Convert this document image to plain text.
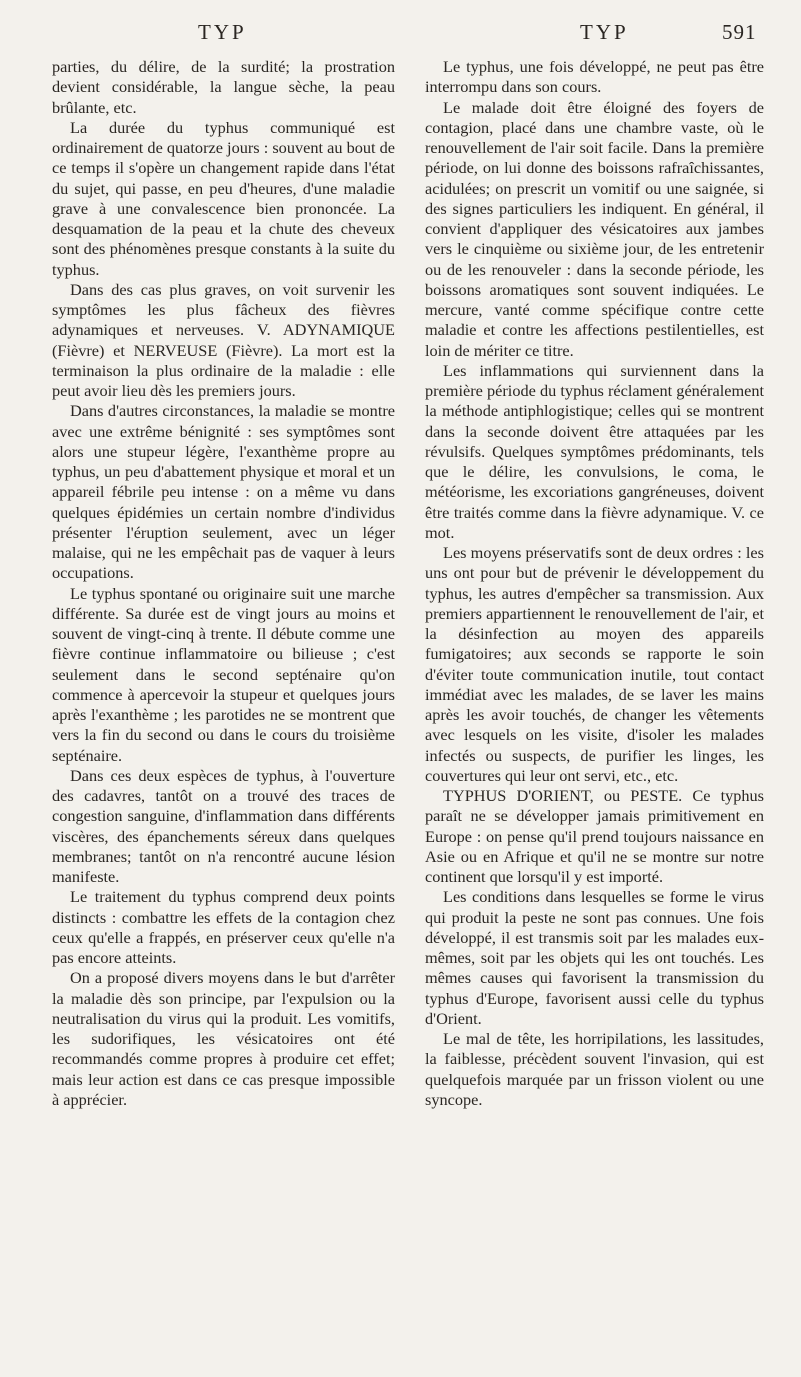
TYP	TYP	591

parties, du délire, de la surdité; la prostration devient considérable, la langue sèche, la peau brûlante, etc.

La durée du typhus communiqué est ordinairement de quatorze jours : souvent au bout de ce temps il s'opère un changement rapide dans l'état du sujet, qui passe, en peu d'heures, d'une maladie grave à une convalescence bien prononcée. La desquamation de la peau et la chute des cheveux sont des phénomènes presque constants à la suite du typhus.

Dans des cas plus graves, on voit survenir les symptômes les plus fâcheux des fièvres adynamiques et nerveuses. V. ADYNAMIQUE (Fièvre) et NERVEUSE (Fièvre). La mort est la terminaison la plus ordinaire de la maladie : elle peut avoir lieu dès les premiers jours.

Dans d'autres circonstances, la maladie se montre avec une extrême bénignité : ses symptômes sont alors une stupeur légère, l'exanthème propre au typhus, un peu d'abattement physique et moral et un appareil fébrile peu intense : on a même vu dans quelques épidémies un certain nombre d'individus présenter l'éruption seulement, avec un léger malaise, qui ne les empêchait pas de vaquer à leurs occupations.

Le typhus spontané ou originaire suit une marche différente. Sa durée est de vingt jours au moins et souvent de vingt-cinq à trente. Il débute comme une fièvre continue inflammatoire ou bilieuse ; c'est seulement dans le second septénaire qu'on commence à apercevoir la stupeur et quelques jours après l'exanthème ; les parotides ne se montrent que vers la fin du second ou dans le cours du troisième septénaire.

Dans ces deux espèces de typhus, à l'ouverture des cadavres, tantôt on a trouvé des traces de congestion sanguine, d'inflammation dans différents viscères, des épanchements séreux dans quelques membranes; tantôt on n'a rencontré aucune lésion manifeste.

Le traitement du typhus comprend deux points distincts : combattre les effets de la contagion chez ceux qu'elle a frappés, en préserver ceux qu'elle n'a pas encore atteints.

On a proposé divers moyens dans le but d'arrêter la maladie dès son principe, par l'expulsion ou la neutralisation du virus qui la produit. Les vomitifs, les sudorifiques, les vésicatoires ont été recommandés comme propres à produire cet effet; mais leur action est dans ce cas presque impossible à apprécier.

Le typhus, une fois développé, ne peut pas être interrompu dans son cours.

Le malade doit être éloigné des foyers de contagion, placé dans une chambre vaste, où le renouvellement de l'air soit facile. Dans la première période, on lui donne des boissons rafraîchissantes, acidulées; on prescrit un vomitif ou une saignée, si des signes particuliers les indiquent. En général, il convient d'appliquer des vésicatoires aux jambes vers le cinquième ou sixième jour, de les entretenir ou de les renouveler : dans la seconde période, les boissons aromatiques sont souvent indiquées. Le mercure, vanté comme spécifique contre cette maladie et contre les affections pestilentielles, est loin de mériter ce titre.

Les inflammations qui surviennent dans la première période du typhus réclament généralement la méthode antiphlogistique; celles qui se montrent dans la seconde doivent être attaquées par les révulsifs. Quelques symptômes prédominants, tels que le délire, les convulsions, le coma, le météorisme, les excoriations gangréneuses, doivent être traités comme dans la fièvre adynamique. V. ce mot.

Les moyens préservatifs sont de deux ordres : les uns ont pour but de prévenir le développement du typhus, les autres d'empêcher sa transmission. Aux premiers appartiennent le renouvellement de l'air, et la désinfection au moyen des appareils fumigatoires; aux seconds se rapporte le soin d'éviter toute communication inutile, tout contact immédiat avec les malades, de se laver les mains après les avoir touchés, de changer les vêtements avec lesquels on les visite, d'isoler les malades infectés ou suspects, de purifier les linges, les couvertures qui leur ont servi, etc., etc.

TYPHUS D'ORIENT, ou PESTE. Ce typhus paraît ne se développer jamais primitivement en Europe : on pense qu'il prend toujours naissance en Asie ou en Afrique et qu'il ne se montre sur notre continent que lorsqu'il y est importé.

Les conditions dans lesquelles se forme le virus qui produit la peste ne sont pas connues. Une fois développé, il est transmis soit par les malades eux-mêmes, soit par les objets qui les ont touchés. Les mêmes causes qui favorisent la transmission du typhus d'Europe, favorisent aussi celle du typhus d'Orient.

Le mal de tête, les horripilations, les lassitudes, la faiblesse, précèdent souvent l'invasion, qui est quelquefois marquée par un frisson violent ou une syncope.
